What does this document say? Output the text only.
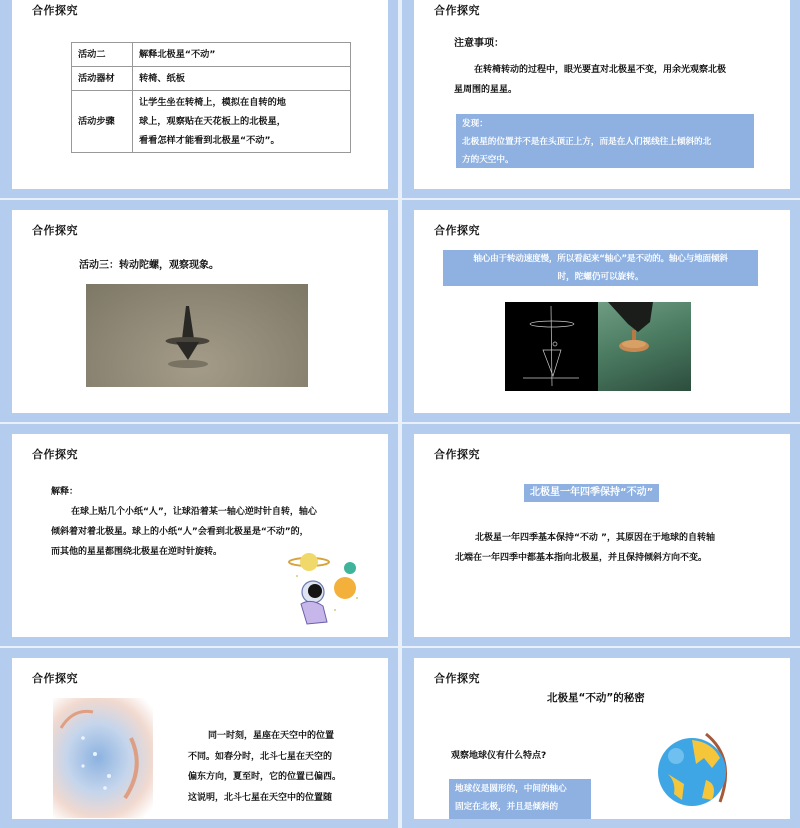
合作探究
活动二	解释北极星“不动”
活动器材	转椅、纸板
活动步骤	让学生坐在转椅上，模拟在自转的地
球上，观察贴在天花板上的北极星，
看看怎样才能看到北极星“不动”。
合作探究
注意事项：
在转椅转动的过程中，眼光要直对北极星不变，用余光观察北极
星周围的星星。
发现：
北极星的位置并不是在头顶正上方，而是在人们视线往上倾斜的北
方的天空中。
合作探究
活动三：转动陀螺，观察现象。
合作探究
轴心由于转动速度慢，所以看起来“轴心”是不动的。轴心与地面倾斜
时，陀螺仍可以旋转。
合作探究
解释：
在球上贴几个小纸“人”，让球沿着某一轴心逆时针自转，轴心
倾斜着对着北极星。球上的小纸“人”会看到北极星是“不动”的，
而其他的星星都围绕北极星在逆时针旋转。
合作探究
北极星一年四季保持“不动”
北极星一年四季基本保持“不动 ”，其原因在于地球的自转轴
北端在一年四季中都基本指向北极星，并且保持倾斜方向不变。
合作探究
同一时刻，星座在天空中的位置
不同。如春分时，北斗七星在天空的
偏东方向，夏至时，它的位置已偏西。
这说明，北斗七星在天空中的位置随
合作探究
北极星“不动”的秘密
观察地球仪有什么特点?
地球仪是圆形的，中间的轴心
固定在北极，并且是倾斜的
